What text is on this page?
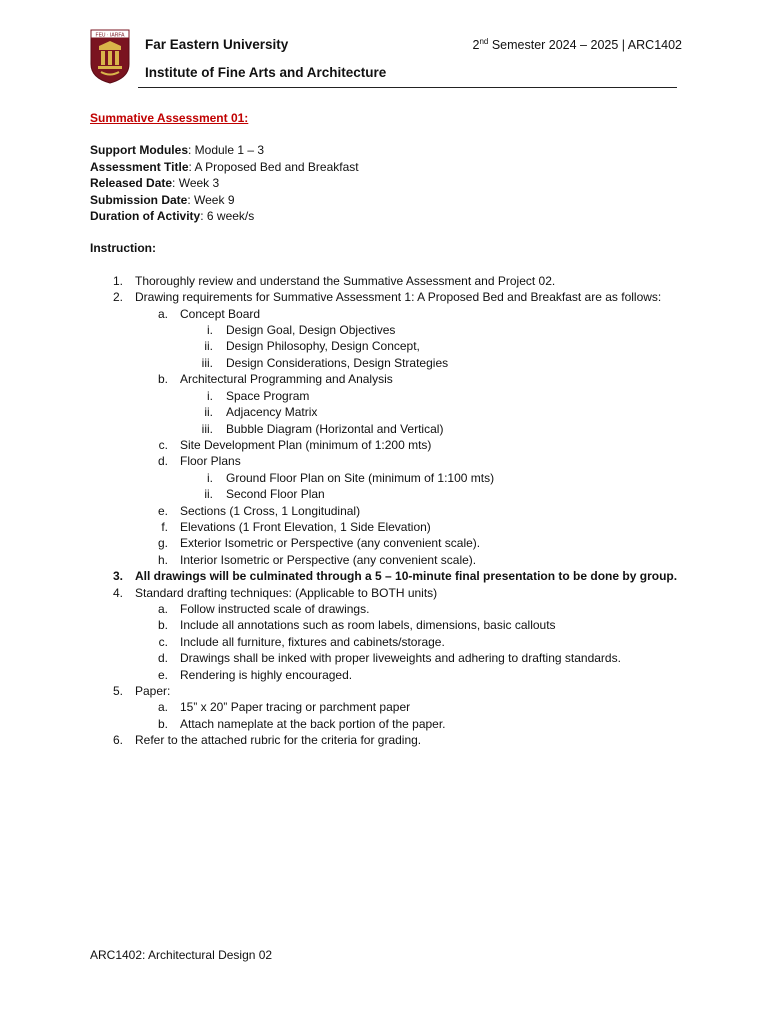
FEU · IARFA
Far Eastern University
Institute of Fine Arts and Architecture
2nd Semester 2024 – 2025 | ARC1402
Summative Assessment 01:
Support Modules: Module 1 – 3
Assessment Title: A Proposed Bed and Breakfast
Released Date: Week 3
Submission Date: Week 9
Duration of Activity: 6 week/s
Instruction:
1. Thoroughly review and understand the Summative Assessment and Project 02.
2. Drawing requirements for Summative Assessment 1: A Proposed Bed and Breakfast are as follows:
a. Concept Board
i. Design Goal, Design Objectives
ii. Design Philosophy, Design Concept,
iii. Design Considerations, Design Strategies
b. Architectural Programming and Analysis
i. Space Program
ii. Adjacency Matrix
iii. Bubble Diagram (Horizontal and Vertical)
c. Site Development Plan (minimum of 1:200 mts)
d. Floor Plans
i. Ground Floor Plan on Site (minimum of 1:100 mts)
ii. Second Floor Plan
e. Sections (1 Cross, 1 Longitudinal)
f. Elevations (1 Front Elevation, 1 Side Elevation)
g. Exterior Isometric or Perspective (any convenient scale).
h. Interior Isometric or Perspective (any convenient scale).
3. All drawings will be culminated through a 5 – 10-minute final presentation to be done by group.
4. Standard drafting techniques: (Applicable to BOTH units)
a. Follow instructed scale of drawings.
b. Include all annotations such as room labels, dimensions, basic callouts
c. Include all furniture, fixtures and cabinets/storage.
d. Drawings shall be inked with proper liveweights and adhering to drafting standards.
e. Rendering is highly encouraged.
5. Paper:
a. 15” x 20” Paper tracing or parchment paper
b. Attach nameplate at the back portion of the paper.
6. Refer to the attached rubric for the criteria for grading.
ARC1402: Architectural Design 02
